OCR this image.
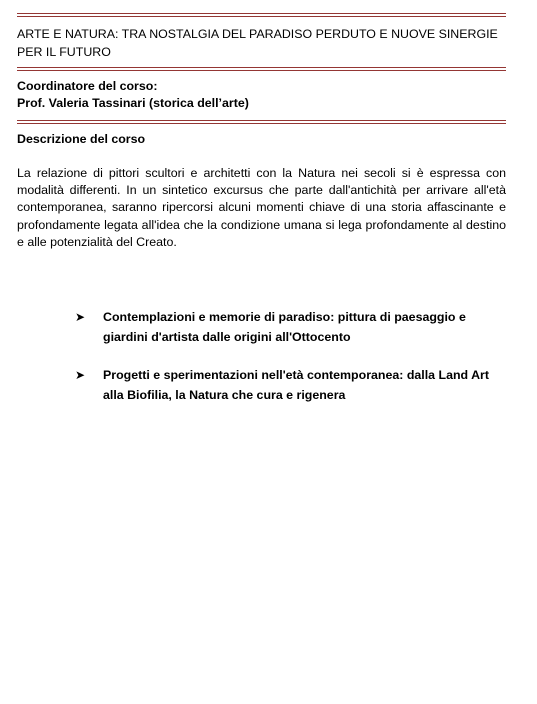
ARTE E NATURA: TRA NOSTALGIA DEL PARADISO PERDUTO E NUOVE SINERGIE PER IL FUTURO
Coordinatore del corso:
Prof. Valeria Tassinari (storica dell’arte)
Descrizione del corso
La relazione di pittori scultori e architetti con la Natura nei secoli si è espressa con modalità differenti. In un sintetico excursus che parte dall'antichità per arrivare all'età contemporanea, saranno ripercorsi alcuni momenti chiave di una storia affascinante e profondamente legata all'idea che la condizione umana si lega profondamente al destino e alle potenzialità del Creato.
➤ Contemplazioni e memorie di paradiso: pittura di paesaggio e giardini d'artista dalle origini all'Ottocento
➤ Progetti e sperimentazioni nell'età contemporanea: dalla Land Art alla Biofilia, la Natura che cura e rigenera
